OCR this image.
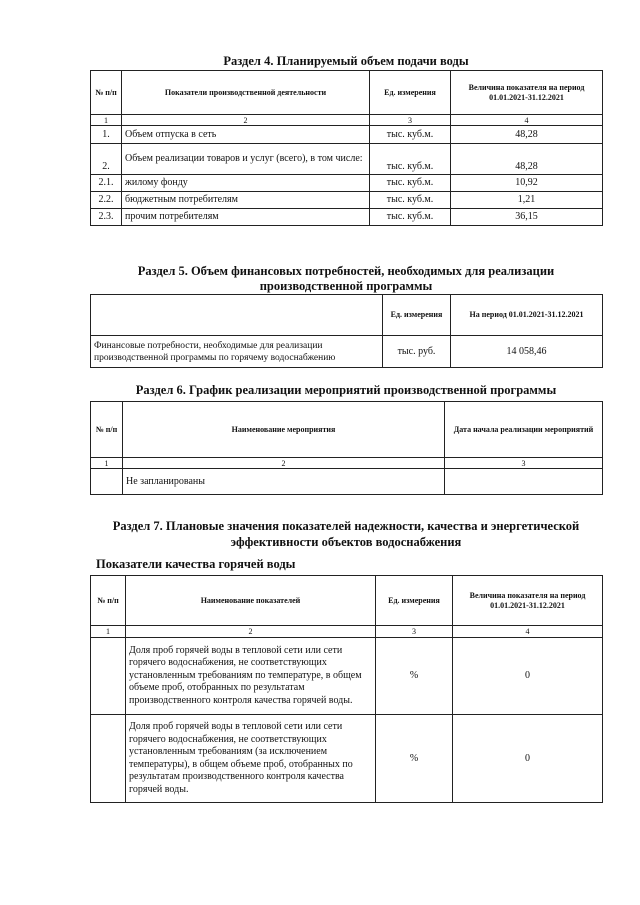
Раздел 4. Планируемый объем подачи воды
№ п/п	Показатели производственной деятельности	Ед. измерения	Величина показателя на период 01.01.2021-31.12.2021
1	2	3	4
1.	Объем отпуска в сеть	тыс. куб.м.	48,28
2.	Объем реализации товаров и услуг (всего), в том числе:	тыс. куб.м.	48,28
2.1.	жилому фонду	тыс. куб.м.	10,92
2.2.	бюджетным потребителям	тыс. куб.м.	1,21
2.3.	прочим потребителям	тыс. куб.м.	36,15
Раздел 5. Объем финансовых потребностей, необходимых для реализации
производственной программы
	Ед. измерения	На период 01.01.2021-31.12.2021
Финансовые потребности, необходимые для реализации производственной программы по горячему водоснабжению	тыс. руб.	14 058,46
Раздел 6. График реализации мероприятий производственной программы
№ п/п	Наименование мероприятия	Дата начала реализации мероприятий
1	2	3
	Не запланированы	
Раздел 7. Плановые значения показателей надежности, качества и энергетической
эффективности объектов водоснабжения
Показатели качества горячей воды
№ п/п	Наименование показателей	Ед. измерения	Величина показателя на период 01.01.2021-31.12.2021
1	2	3	4
	Доля проб горячей воды в тепловой сети или сети горячего водоснабжения, не соответствующих установленным требованиям по температуре, в общем объеме проб, отобранных по результатам производственного контроля качества горячей воды.	%	0
	Доля проб горячей воды в тепловой сети или сети горячего водоснабжения, не соответствующих установленным требованиям (за исключением температуры), в общем объеме проб, отобранных по результатам производственного контроля качества горячей воды.	%	0
